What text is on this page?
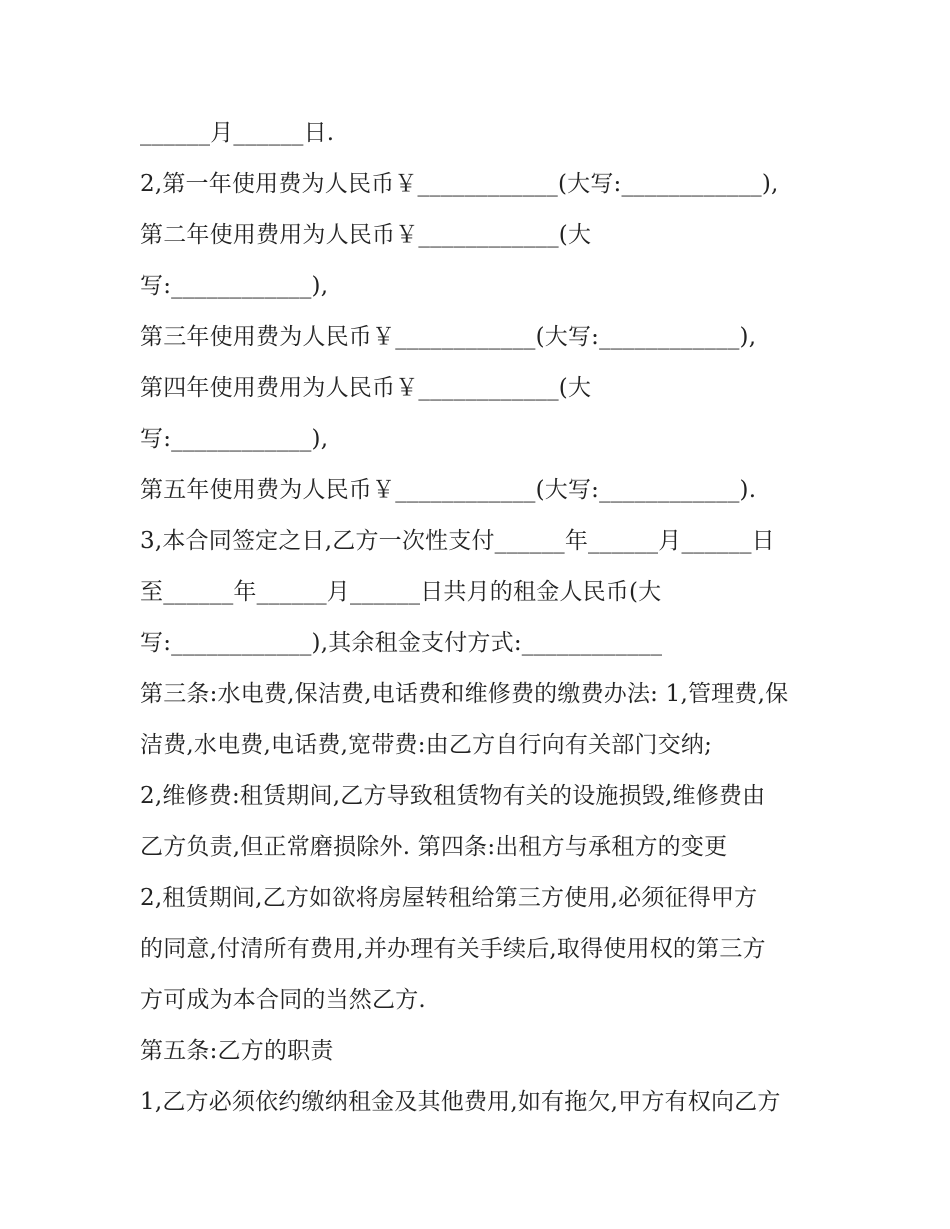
______月______日.
2,第一年使用费为人民币￥____________(大写:____________),
第二年使用费用为人民币￥____________(大
写:____________),
第三年使用费为人民币￥____________(大写:____________),
第四年使用费用为人民币￥____________(大
写:____________),
第五年使用费为人民币￥____________(大写:____________).
3,本合同签定之日,乙方一次性支付______年______月______日
至______年______月______日共月的租金人民币(大
写:____________),其余租金支付方式:____________
第三条:水电费,保洁费,电话费和维修费的缴费办法: 1,管理费,保
洁费,水电费,电话费,宽带费:由乙方自行向有关部门交纳;
2,维修费:租赁期间,乙方导致租赁物有关的设施损毁,维修费由
乙方负责,但正常磨损除外. 第四条:出租方与承租方的变更
2,租赁期间,乙方如欲将房屋转租给第三方使用,必须征得甲方
的同意,付清所有费用,并办理有关手续后,取得使用权的第三方
方可成为本合同的当然乙方.
第五条:乙方的职责
1,乙方必须依约缴纳租金及其他费用,如有拖欠,甲方有权向乙方
